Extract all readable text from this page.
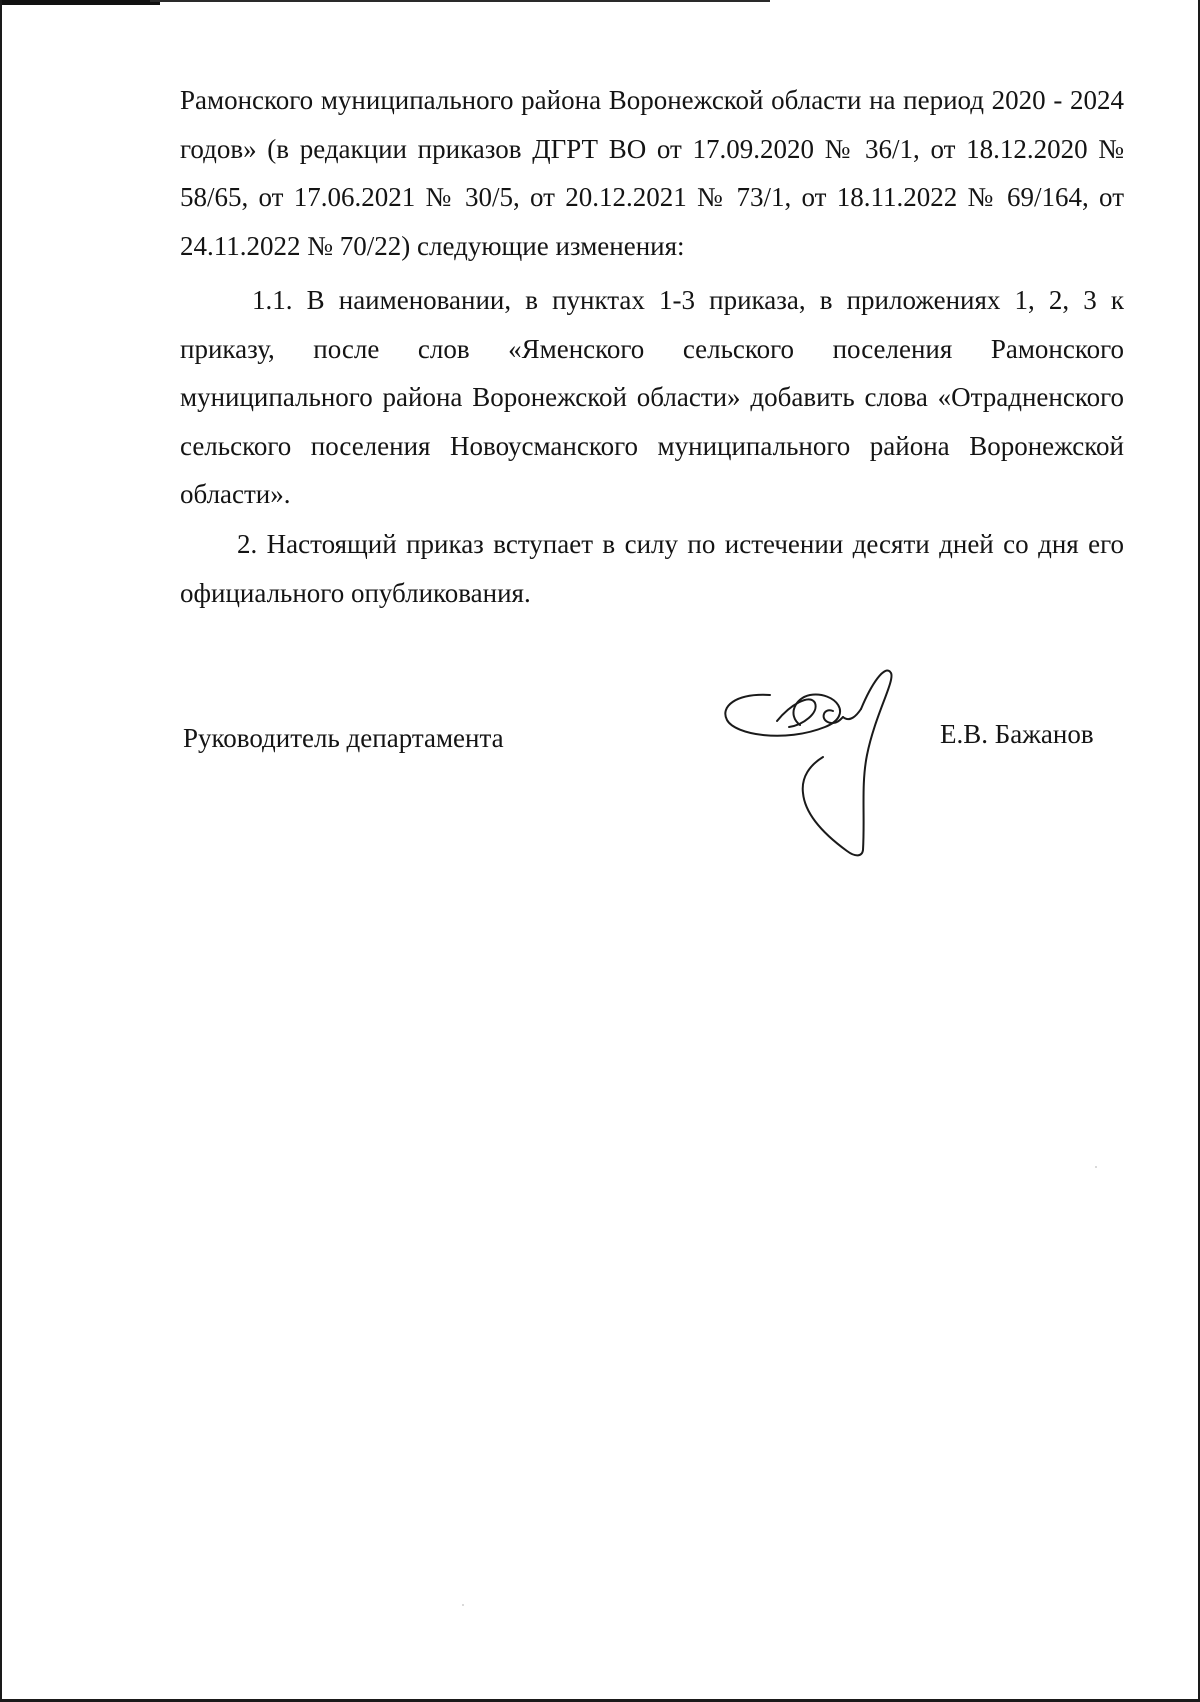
Рамонского муниципального района Воронежской области на период 2020 - 2024 годов» (в редакции приказов ДГРТ ВО от 17.09.2020 № 36/1, от 18.12.2020 № 58/65, от 17.06.2021 № 30/5, от 20.12.2021 № 73/1, от 18.11.2022 № 69/164, от 24.11.2022 № 70/22) следующие изменения:
1.1. В наименовании, в пунктах 1-3 приказа, в приложениях 1, 2, 3 к приказу, после слов «Яменского сельского поселения Рамонского муниципального района Воронежской области» добавить слова «Отрадненского сельского поселения Новоусманского муниципального района Воронежской области».
2. Настоящий приказ вступает в силу по истечении десяти дней со дня его официального опубликования.
Руководитель департамента	Е.В. Бажанов
